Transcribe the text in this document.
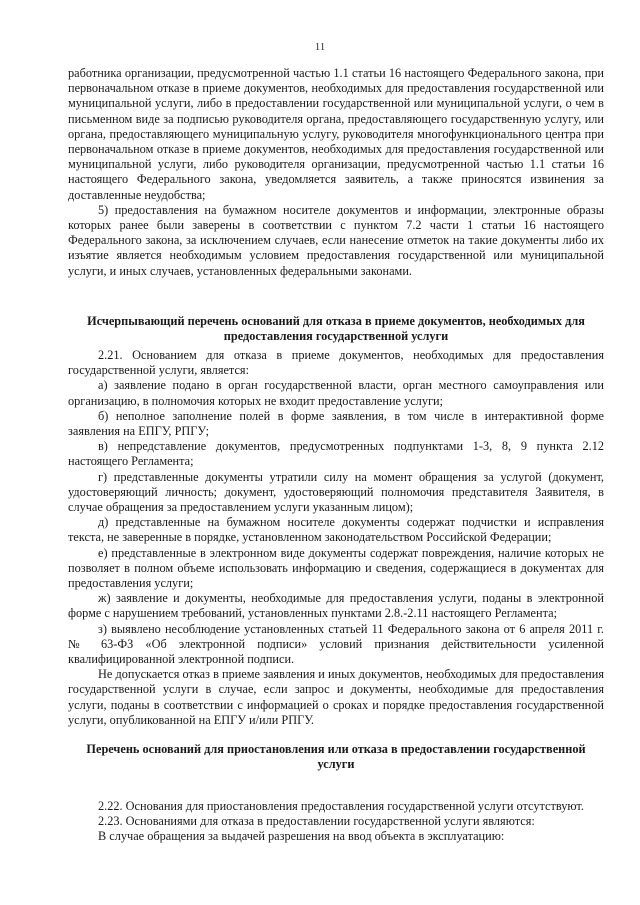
11

работника организации, предусмотренной частью 1.1 статьи 16 настоящего Федерального закона, при первоначальном отказе в приеме документов, необходимых для предоставления государственной или муниципальной услуги, либо в предоставлении государственной или муниципальной услуги, о чем в письменном виде за подписью руководителя органа, предоставляющего государственную услугу, или органа, предоставляющего муниципальную услугу, руководителя многофункционального центра при первоначальном отказе в приеме документов, необходимых для предоставления государственной или муниципальной услуги, либо руководителя организации, предусмотренной частью 1.1 статьи 16 настоящего Федерального закона, уведомляется заявитель, а также приносятся извинения за доставленные неудобства;

5) предоставления на бумажном носителе документов и информации, электронные образы которых ранее были заверены в соответствии с пунктом 7.2 части 1 статьи 16 настоящего Федерального закона, за исключением случаев, если нанесение отметок на такие документы либо их изъятие является необходимым условием предоставления государственной или муниципальной услуги, и иных случаев, установленных федеральными законами.

Исчерпывающий перечень оснований для отказа в приеме документов, необходимых для предоставления государственной услуги

2.21. Основанием для отказа в приеме документов, необходимых для предоставления государственной услуги, является:

а) заявление подано в орган государственной власти, орган местного самоуправления или организацию, в полномочия которых не входит предоставление услуги;

б) неполное заполнение полей в форме заявления, в том числе в интерактивной форме заявления на ЕПГУ, РПГУ;

в) непредставление документов, предусмотренных подпунктами 1-3, 8, 9 пункта 2.12 настоящего Регламента;

г) представленные документы утратили силу на момент обращения за услугой (документ, удостоверяющий личность; документ, удостоверяющий полномочия представителя Заявителя, в случае обращения за предоставлением услуги указанным лицом);

д) представленные на бумажном носителе документы содержат подчистки и исправления текста, не заверенные в порядке, установленном законодательством Российской Федерации;

е) представленные в электронном виде документы содержат повреждения, наличие которых не позволяет в полном объеме использовать информацию и сведения, содержащиеся в документах для предоставления услуги;

ж) заявление и документы, необходимые для предоставления услуги, поданы в электронной форме с нарушением требований, установленных пунктами 2.8.-2.11 настоящего Регламента;

з) выявлено несоблюдение установленных статьей 11 Федерального закона от 6 апреля 2011 г. № 63-ФЗ «Об электронной подписи» условий признания действительности усиленной квалифицированной электронной подписи.

Не допускается отказ в приеме заявления и иных документов, необходимых для предоставления государственной услуги в случае, если запрос и документы, необходимые для предоставления услуги, поданы в соответствии с информацией о сроках и порядке предоставления государственной услуги, опубликованной на ЕПГУ и/или РПГУ.

Перечень оснований для приостановления или отказа в предоставлении государственной услуги

2.22. Основания для приостановления предоставления государственной услуги отсутствуют.

2.23. Основаниями для отказа в предоставлении государственной услуги являются:

В случае обращения за выдачей разрешения на ввод объекта в эксплуатацию:
